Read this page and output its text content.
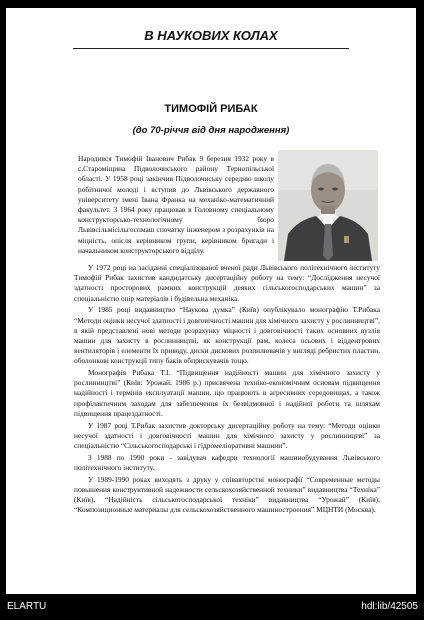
В НАУКОВИХ КОЛАХ
ТИМОФІЙ РИБАК
(до 70-річчя від дня народження)
Народився Тимофій Іванович Рибак 9 березня 1932 року в с.Староміщина Підволочиського району Тернопільської області. У 1958 році закінчив Підволочиську середню школу робітничої молоді і вступив до Львівського державного університету імені Івана Франка на механіко-математичний факультет. З 1964 року працював в Головному спеціальному конструкторсько-технологічному бюро Львівсільмісільгоспмаш спочатку інженером з розрахунків на міцність, опісля керівником групи, керівником бригади і начальником конструкторського відділу.

У 1972 році на засіданні спеціалізованої вченої ради Львівського політехнічного інституту Тимофій Рибак захистив кандидатську дисертаційну роботу на тему: “Дослідження несучої здатності просторових рамних конструкцій деяких сільськогосподарських машин” за спеціальністю опір матеріалів і будівельна механіка.

У 1985 році видавництво “Наукова думка” (Київ) опублікувало монографію Т.Рибака “Методи оцінки несучої здатності і довговічності машин для хімічного захисту у рослинництві”, в якій представлені нові методи розрахунку міцності і довговічності таких основних вузлів машин для захисту в рослинництві, як конструкції рам, колеса осьових і віддентрових вентиляторів і елементи їх приводу, диски дискових розпилювачів у вигляді ребристих пластин, оболонкові конструкції типу баків обприскувачів тощо.

Монографія Рибака Т.І. “Підвищення надійності машин для хімічного захисту у рослинництві” (Київ: Урожай, 1986 р.) присвячена техніко-економічним основам підвищення надійності і термінів експлуатації машин, що працюють в агресивних середовищах, а також профілактичним заходам для забезпечення їх безвідмовної і надійної роботи та шляхам підвищення працездатності.

У 1987 році Т.Рибак захистив докторську дисертаційну роботу на тему: “Методи оцінки несучої здатності і довговічності машин для хімічного захисту у рослинництві” за спеціальністю “Сільськогосподарські і гідромеліоративні машини”.

З 1988 по 1990 роки - завідувач кафедри технології машинобудування Львівського політехнічного інституту.

У 1989-1990 роках виходять з друку у співавторстві монографії “Современные методы повышения конструктивной надежности сельскохозяйственной техники” видавництва “Техніка” (Київ), “Надійність сільськогосподарської техніки” видавництва “Урожай” (Київ), “Композиционные материалы для сельскохозяйственного машиностроения” МЦНТИ (Москва).

ELARTU	hdl:lib/42505
